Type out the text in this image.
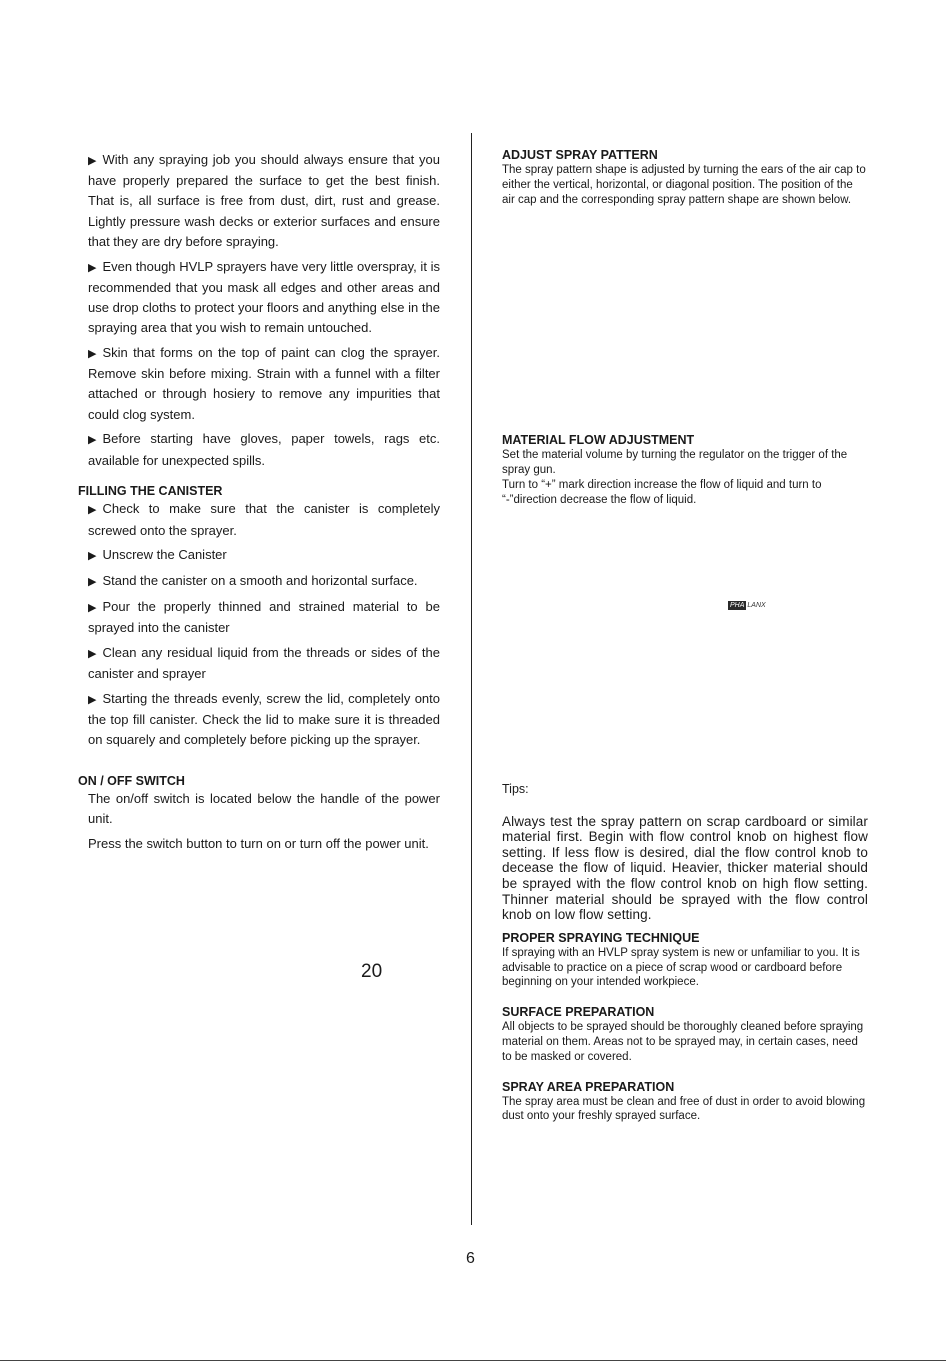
▶ With any spraying job you should always ensure that you have properly prepared the surface to get the best finish. That is, all surface is free from dust, dirt, rust and grease. Lightly pressure wash decks or exterior surfaces and ensure that they are dry before spraying.

▶ Even though HVLP sprayers have very little overspray, it is recommended that you mask all edges and other areas and use drop cloths to protect your floors and anything else in the spraying area that you wish to remain untouched.

▶ Skin that forms on the top of paint can clog the sprayer. Remove skin before mixing. Strain with a funnel with a filter attached or through hosiery to remove any impurities that could clog system.

▶ Before starting have gloves, paper towels, rags etc. available for unexpected spills.

FILLING THE CANISTER

▶ Check to make sure that the canister is completely screwed onto the sprayer.

▶ Unscrew the Canister

▶ Stand the canister on a smooth and horizontal surface.

▶ Pour the properly thinned and strained material to be sprayed into the canister

▶ Clean any residual liquid from the threads or sides of the canister and sprayer

▶ Starting the threads evenly, screw the lid, completely onto the top fill canister. Check the lid to make sure it is threaded on squarely and completely before picking up the sprayer.

ON / OFF SWITCH

The on/off switch is located below the handle of the power unit.

Press the switch button to turn on or turn off the power unit.

20

ADJUST SPRAY PATTERN

The spray pattern shape is adjusted by turning the ears of the air cap to either the vertical, horizontal, or diagonal position. The position of the air cap and the corresponding spray pattern shape are shown below.

MATERIAL FLOW ADJUSTMENT

Set the material volume by turning the regulator on the trigger of the spray gun.

Turn to “+” mark direction increase the flow of liquid and turn to “-”direction decrease the flow of liquid.

Tips:

Always test the spray pattern on scrap cardboard or similar material first. Begin with flow control knob on highest flow setting. If less flow is desired, dial the flow control knob to decease the flow of liquid. Heavier, thicker material should be sprayed with the flow control knob on high flow setting. Thinner material should be sprayed with the flow control knob on low flow setting.

PROPER SPRAYING TECHNIQUE

If spraying with an HVLP spray system is new or unfamiliar to you. It is advisable to practice on a piece of scrap wood or cardboard before beginning on your intended workpiece.

SURFACE PREPARATION

All objects to be sprayed should be thoroughly cleaned before spraying material on them. Areas not to be sprayed may, in certain cases, need to be masked or covered.

SPRAY AREA PREPARATION

The spray area must be clean and free of dust in order to avoid blowing dust onto your freshly sprayed surface.

PHA LANX
6
